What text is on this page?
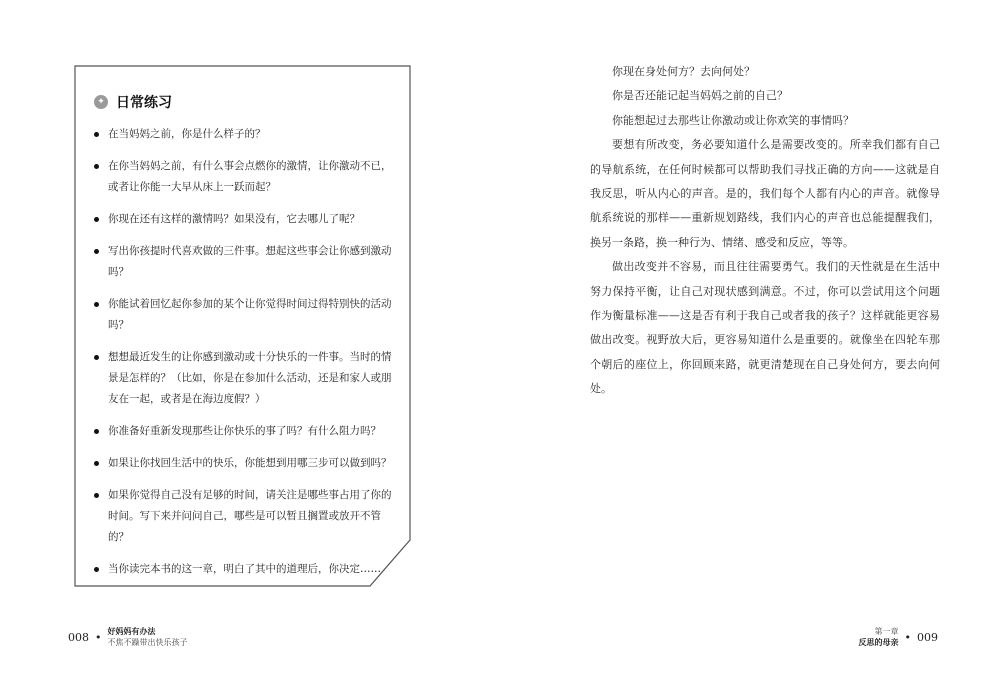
✦ 日常练习
在当妈妈之前，你是什么样子的？
在你当妈妈之前，有什么事会点燃你的激情，让你激动不已，或者让你能一大早从床上一跃而起？
你现在还有这样的激情吗？如果没有，它去哪儿了呢？
写出你孩提时代喜欢做的三件事。想起这些事会让你感到激动吗？
你能试着回忆起你参加的某个让你觉得时间过得特别快的活动吗？
想想最近发生的让你感到激动或十分快乐的一件事。当时的情景是怎样的？（比如，你是在参加什么活动，还是和家人或朋友在一起，或者是在海边度假？）
你准备好重新发现那些让你快乐的事了吗？有什么阻力吗？
如果让你找回生活中的快乐，你能想到用哪三步可以做到吗？
如果你觉得自己没有足够的时间，请关注是哪些事占用了你的时间。写下来并问问自己，哪些是可以暂且搁置或放开不管的？
当你读完本书的这一章，明白了其中的道理后，你决定……

你现在身处何方？去向何处？

你是否还能记起当妈妈之前的自己？

你能想起过去那些让你激动或让你欢笑的事情吗？

要想有所改变，务必要知道什么是需要改变的。所幸我们都有自己的导航系统，在任何时候都可以帮助我们寻找正确的方向——这就是自我反思，听从内心的声音。是的，我们每个人都有内心的声音。就像导航系统说的那样——重新规划路线，我们内心的声音也总能提醒我们，换另一条路，换一种行为、情绪、感受和反应，等等。

做出改变并不容易，而且往往需要勇气。我们的天性就是在生活中努力保持平衡，让自己对现状感到满意。不过，你可以尝试用这个问题作为衡量标准——这是否有利于我自己或者我的孩子？这样就能更容易做出改变。视野放大后，更容易知道什么是重要的。就像坐在四轮车那个朝后的座位上，你回顾来路，就更清楚现在自己身处何方，要去向何处。

008 • 好妈妈有办法
不焦不躁带出快乐孩子
第一章
反思的母亲 • 009
